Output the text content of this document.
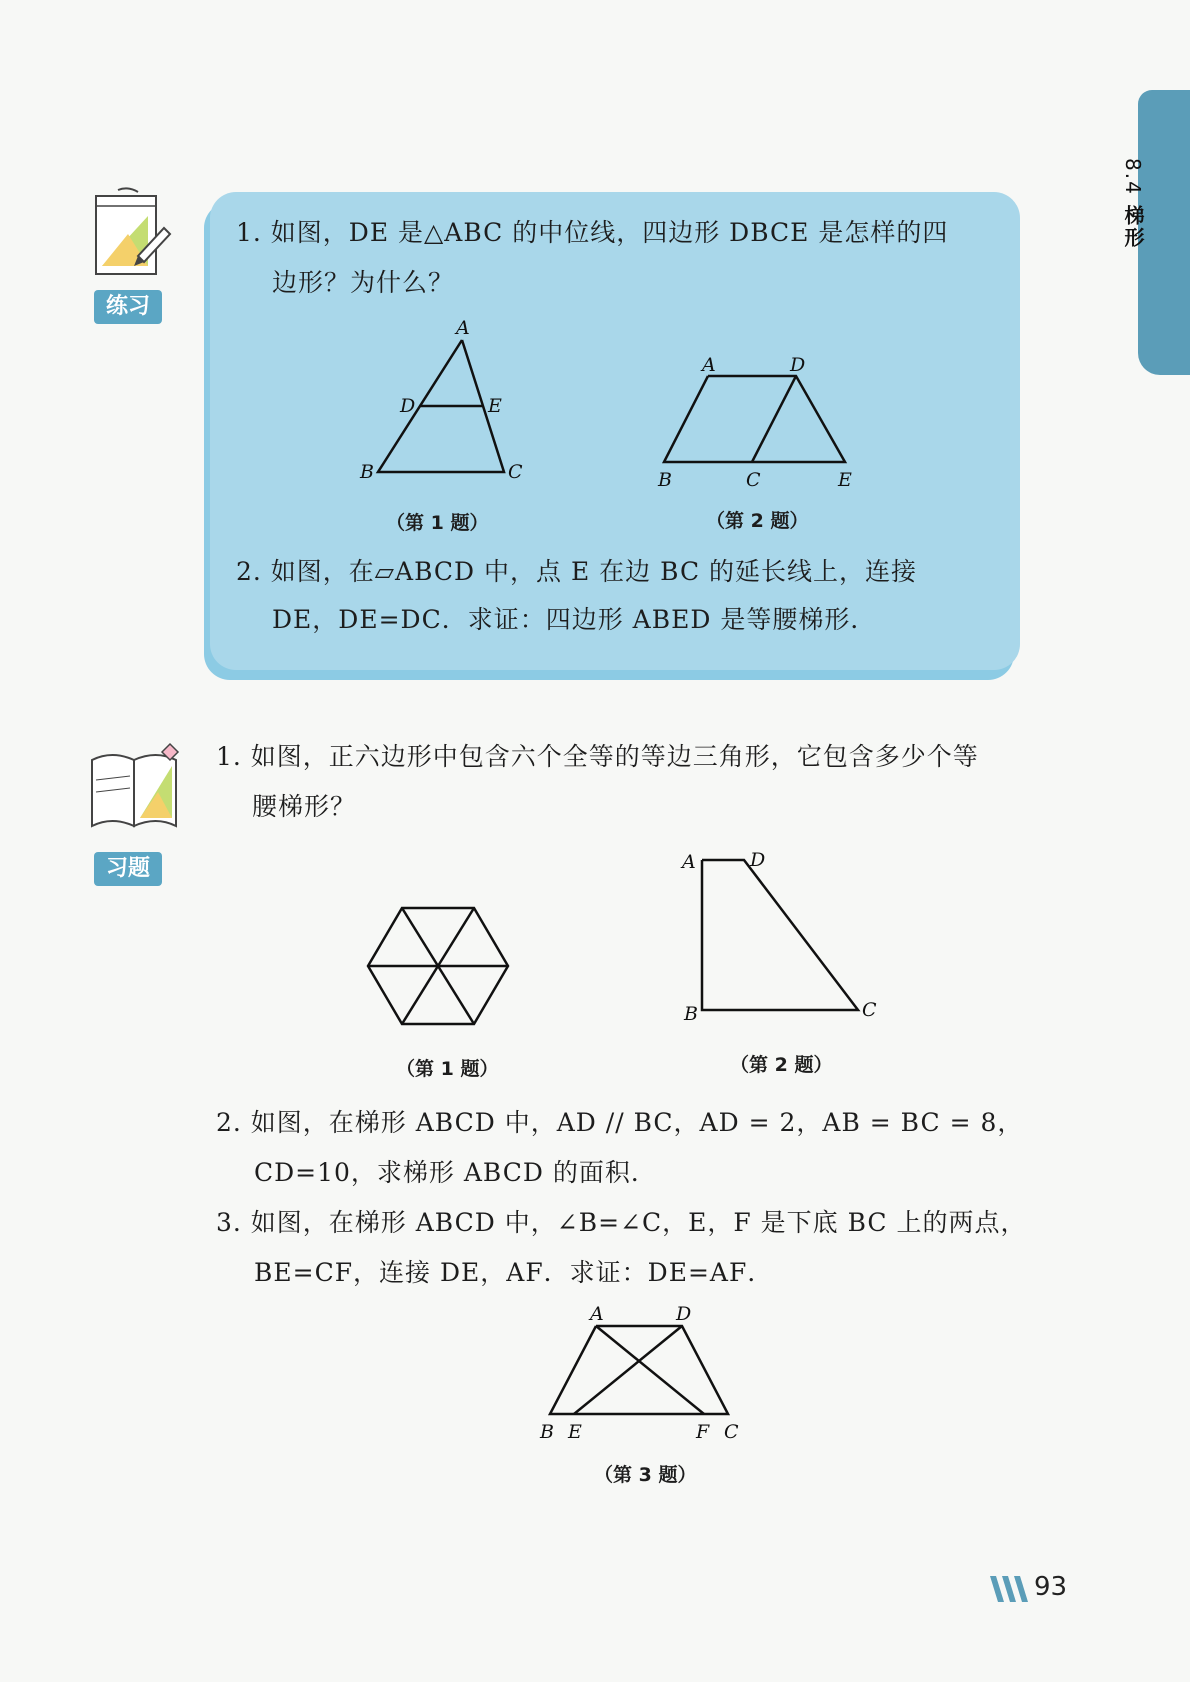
8.4 梯形
练习
1. 如图，DE 是△ABC 的中位线，四边形 DBCE 是怎样的四
边形？为什么？
A
D	E
B	C
（第 1 题）
A	D
B	C	E
（第 2 题）
2. 如图，在▱ABCD 中，点 E 在边 BC 的延长线上，连接
DE，DE=DC．求证：四边形 ABED 是等腰梯形．
习题
1. 如图，正六边形中包含六个全等的等边三角形，它包含多少个等
腰梯形？
（第 1 题）
A	D
B	C
（第 2 题）
2. 如图，在梯形 ABCD 中，AD // BC，AD = 2，AB = BC = 8，
CD=10，求梯形 ABCD 的面积．
3. 如图，在梯形 ABCD 中，∠B=∠C，E，F 是下底 BC 上的两点，
BE=CF，连接 DE，AF．求证：DE=AF．
A	D
B E	F C
（第 3 题）
93
